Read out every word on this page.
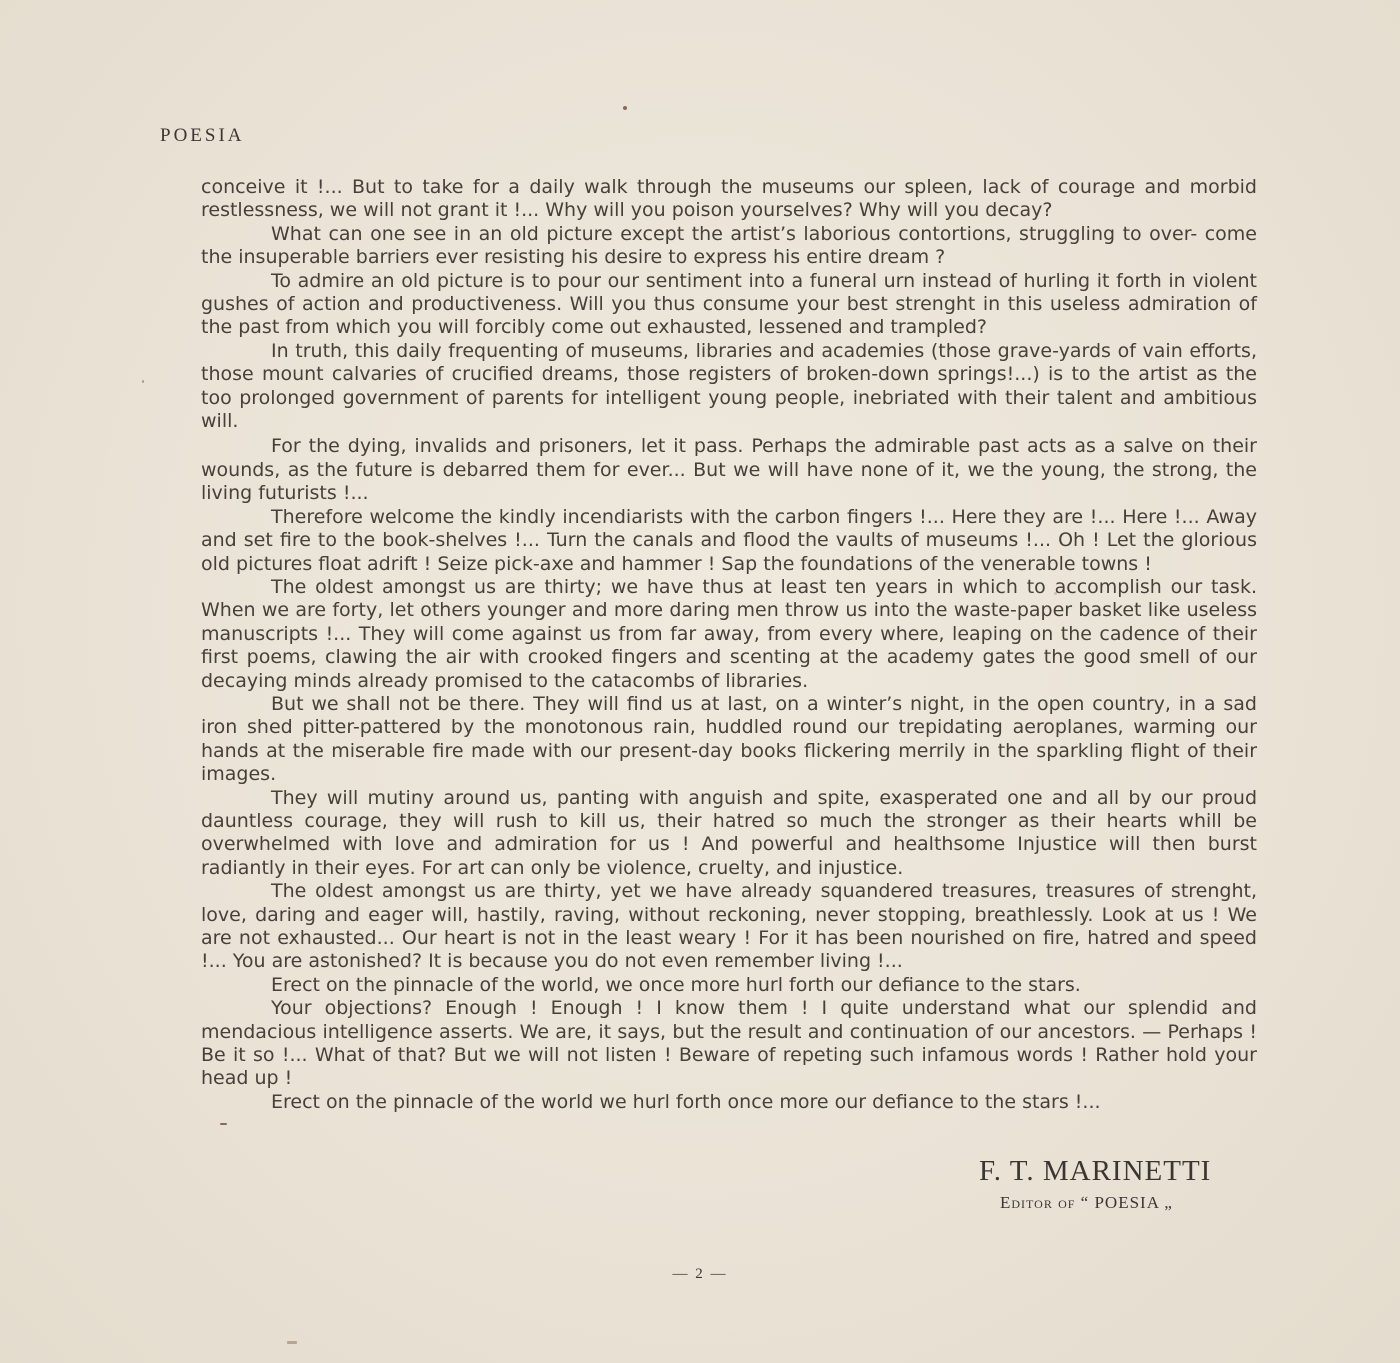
POESIA

conceive it !... But to take for a daily walk through the museums our spleen, lack of courage and morbid restlessness, we will not grant it !... Why will you poison yourselves? Why will you decay?

What can one see in an old picture except the artist’s laborious contortions, struggling to over- come the insuperable barriers ever resisting his desire to express his entire dream ?

To admire an old picture is to pour our sentiment into a funeral urn instead of hurling it forth in violent gushes of action and productiveness. Will you thus consume your best strenght in this useless admiration of the past from which you will forcibly come out exhausted, lessened and trampled?

In truth, this daily frequenting of museums, libraries and academies (those grave-yards of vain efforts, those mount calvaries of crucified dreams, those registers of broken-down springs!...) is to the artist as the too prolonged government of parents for intelligent young people, inebriated with their talent and ambitious will.

For the dying, invalids and prisoners, let it pass. Perhaps the admirable past acts as a salve on their wounds, as the future is debarred them for ever... But we will have none of it, we the young, the strong, the living futurists !...

Therefore welcome the kindly incendiarists with the carbon fingers !... Here they are !... Here !... Away and set fire to the book-shelves !... Turn the canals and flood the vaults of museums !... Oh ! Let the glorious old pictures float adrift ! Seize pick-axe and hammer ! Sap the foundations of the venerable towns !

The oldest amongst us are thirty; we have thus at least ten years in which to accomplish our task. When we are forty, let others younger and more daring men throw us into the waste-paper basket like useless manuscripts !... They will come against us from far away, from every where, leaping on the cadence of their first poems, clawing the air with crooked fingers and scenting at the academy gates the good smell of our decaying minds already promised to the catacombs of libraries.

But we shall not be there. They will find us at last, on a winter’s night, in the open country, in a sad iron shed pitter-pattered by the monotonous rain, huddled round our trepidating aeroplanes, warming our hands at the miserable fire made with our present-day books flickering merrily in the sparkling flight of their images.

They will mutiny around us, panting with anguish and spite, exasperated one and all by our proud dauntless courage, they will rush to kill us, their hatred so much the stronger as their hearts whill be overwhelmed with love and admiration for us ! And powerful and healthsome Injustice will then burst radiantly in their eyes. For art can only be violence, cruelty, and injustice.

The oldest amongst us are thirty, yet we have already squandered treasures, treasures of strenght, love, daring and eager will, hastily, raving, without reckoning, never stopping, breathlessly. Look at us ! We are not exhausted... Our heart is not in the least weary ! For it has been nourished on fire, hatred and speed !... You are astonished? It is because you do not even remember living !...

Erect on the pinnacle of the world, we once more hurl forth our defiance to the stars.

Your objections? Enough ! Enough ! I know them ! I quite understand what our splendid and mendacious intelligence asserts. We are, it says, but the result and continuation of our ancestors. — Perhaps ! Be it so !... What of that? But we will not listen ! Beware of repeting such infamous words ! Rather hold your head up !

Erect on the pinnacle of the world we hurl forth once more our defiance to the stars !...

F. T. MARINETTI
Editor of “ POESIA „
— 2 —
